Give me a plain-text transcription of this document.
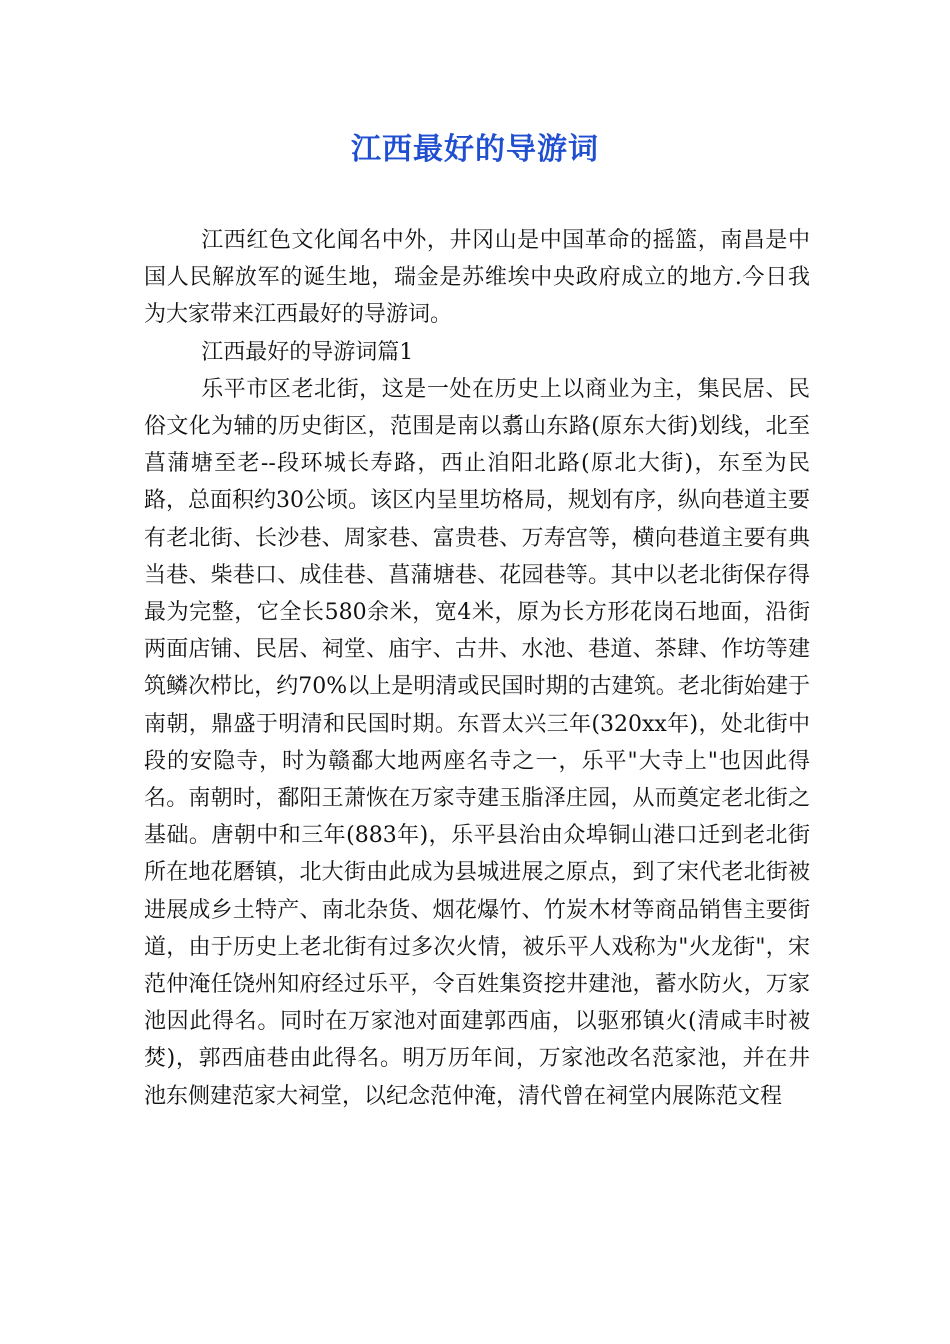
江西最好的导游词

江西红色文化闻名中外，井冈山是中国革命的摇篮，南昌是中国人民解放军的诞生地，瑞金是苏维埃中央政府成立的地方.今日我为大家带来江西最好的导游词。

江西最好的导游词篇1

乐平市区老北街，这是一处在历史上以商业为主，集民居、民俗文化为辅的历史街区，范围是南以翥山东路(原东大街)划线，北至菖蒲塘至老--段环城长寿路，西止洎阳北路(原北大街)，东至为民路，总面积约30公顷。该区内呈里坊格局，规划有序，纵向巷道主要有老北街、长沙巷、周家巷、富贵巷、万寿宫等，横向巷道主要有典当巷、柴巷口、成佳巷、菖蒲塘巷、花园巷等。其中以老北街保存得最为完整，它全长580余米，宽4米，原为长方形花岗石地面，沿街两面店铺、民居、祠堂、庙宇、古井、水池、巷道、茶肆、作坊等建筑鳞次栉比，约70%以上是明清或民国时期的古建筑。老北街始建于南朝，鼎盛于明清和民国时期。东晋太兴三年(320xx年)，处北街中段的安隐寺，时为赣鄱大地两座名寺之一，乐平"大寺上"也因此得名。南朝时，鄱阳王萧恢在万家寺建玉脂泽庄园，从而奠定老北街之基础。唐朝中和三年(883年)，乐平县治由众埠铜山港口迁到老北街所在地花磿镇，北大街由此成为县城进展之原点，到了宋代老北街被进展成乡土特产、南北杂货、烟花爆竹、竹炭木材等商品销售主要街道，由于历史上老北街有过多次火情，被乐平人戏称为"火龙街"，宋范仲淹任饶州知府经过乐平，令百姓集资挖井建池，蓄水防火，万家池因此得名。同时在万家池对面建郭西庙，以驱邪镇火(清咸丰时被焚)，郭西庙巷由此得名。明万历年间，万家池改名范家池，并在井池东侧建范家大祠堂，以纪念范仲淹，清代曾在祠堂内展陈范文程
